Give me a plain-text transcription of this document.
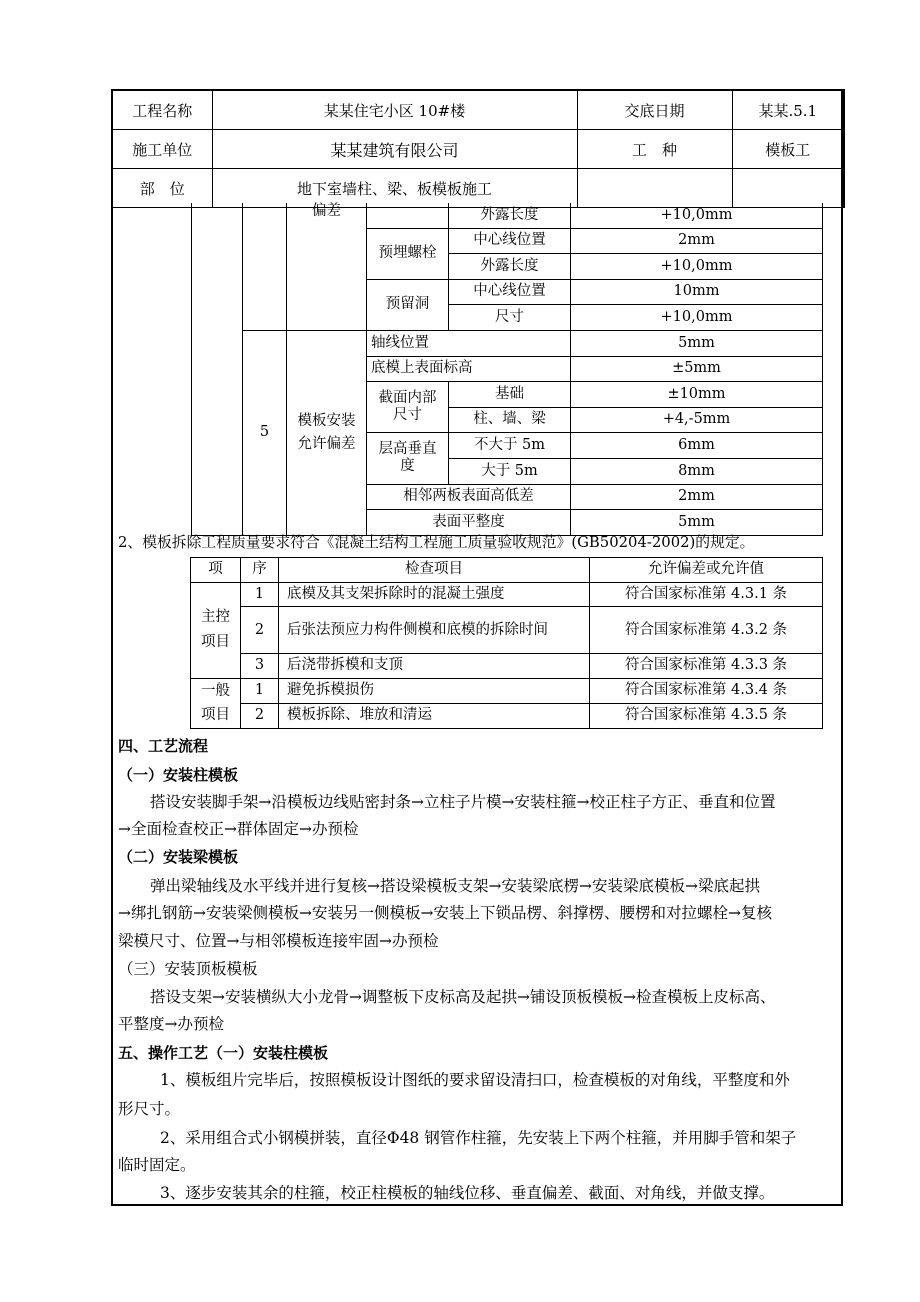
工程名称	某某住宅小区 10#楼	交底日期	某某.5.1
施工单位	某某建筑有限公司	工　种	模板工
部　位	地下室墙柱、梁、板模板施工		
		偏差		外露长度	+10,0mm
			预埋螺栓	中心线位置	2mm
				外露长度	+10,0mm
			预留洞	中心线位置	10mm
				尺寸	+10,0mm
	5	模板安装允许偏差	轴线位置		5mm
			底模上表面标高		±5mm
			截面内部尺寸	基础	±10mm
				柱、墙、梁	+4,-5mm
			层高垂直度	不大于 5m	6mm
				大于 5m	8mm
			相邻两板表面高低差		2mm
			表面平整度		5mm
2、模板拆除工程质量要求符合《混凝土结构工程施工质量验收规范》(GB50204-2002)的规定。
项	序	检查项目	允许偏差或允许值
主控项目	1	底模及其支架拆除时的混凝土强度	符合国家标准第 4.3.1 条
	2	后张法预应力构件侧模和底模的拆除时间	符合国家标准第 4.3.2 条
	3	后浇带拆模和支顶	符合国家标准第 4.3.3 条
一般项目	1	避免拆模损伤	符合国家标准第 4.3.4 条
	2	模板拆除、堆放和清运	符合国家标准第 4.3.5 条
四、工艺流程
（一）安装柱模板
搭设安装脚手架→沿模板边线贴密封条→立柱子片模→安装柱箍→校正柱子方正、垂直和位置
→全面检查校正→群体固定→办预检
（二）安装梁模板
弹出梁轴线及水平线并进行复核→搭设梁模板支架→安装梁底楞→安装梁底模板→梁底起拱
→绑扎钢筋→安装梁侧模板→安装另一侧模板→安装上下锁品楞、斜撑楞、腰楞和对拉螺栓→复核
梁模尺寸、位置→与相邻模板连接牢固→办预检
（三）安装顶板模板
搭设支架→安装横纵大小龙骨→调整板下皮标高及起拱→铺设顶板模板→检查模板上皮标高、
平整度→办预检
五、操作工艺（一）安装柱模板
1、模板组片完毕后，按照模板设计图纸的要求留设清扫口，检查模板的对角线，平整度和外
形尺寸。
2、采用组合式小钢模拼装，直径Φ48 钢管作柱箍，先安装上下两个柱箍，并用脚手管和架子
临时固定。
3、逐步安装其余的柱箍，校正柱模板的轴线位移、垂直偏差、截面、对角线，并做支撑。
